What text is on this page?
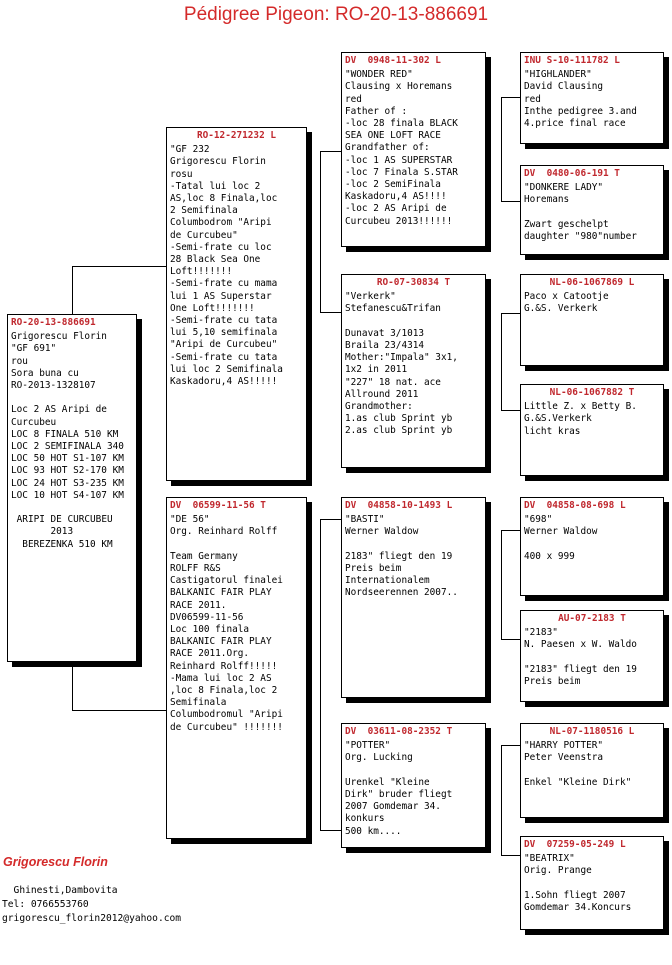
Pédigree Pigeon: RO-20-13-886691
RO-20-13-886691
Grigorescu Florin
"GF 691"
rou
Sora buna cu
RO-2013-1328107

Loc 2 AS Aripi de
Curcubeu
LOC 8 FINALA 510 KM
LOC 2 SEMIFINALA 340
LOC 50 HOT S1-107 KM
LOC 93 HOT S2-170 KM
LOC 24 HOT S3-235 KM
LOC 10 HOT S4-107 KM

ARIPI DE CURCUBEU
2013
BEREZENKA 510 KM
RO-12-271232 L
"GF 232
Grigorescu Florin
rosu
-Tatal lui loc 2
AS,loc 8 Finala,loc
2 Semifinala
Columbodrom "Aripi
de Curcubeu"
-Semi-frate cu loc
28 Black Sea One
Loft!!!!!!!
-Semi-frate cu mama
lui 1 AS Superstar
One Loft!!!!!!!
-Semi-frate cu tata
lui 5,10 semifinala
"Aripi de Curcubeu"
-Semi-frate cu tata
lui loc 2 Semifinala
Kaskadoru,4 AS!!!!!
DV  06599-11-56 T
"DE 56"
Org. Reinhard Rolff

Team Germany
ROLFF R&S
Castigatorul finalei
BALKANIC FAIR PLAY
RACE 2011.
DV06599-11-56
Loc 100 finala
BALKANIC FAIR PLAY
RACE 2011.Org.
Reinhard Rolff!!!!!
-Mama lui loc 2 AS
,loc 8 Finala,loc 2
Semifinala
Columbodromul "Aripi
de Curcubeu" !!!!!!!
DV  0948-11-302 L
"WONDER RED"
Clausing x Horemans
red
Father of :
-loc 28 finala BLACK
SEA ONE LOFT RACE
Grandfather of:
-loc 1 AS SUPERSTAR
-loc 7 Finala S.STAR
-loc 2 SemiFinala
Kaskadoru,4 AS!!!!
-loc 2 AS Aripi de
Curcubeu 2013!!!!!!
RO-07-30834 T
"Verkerk"
Stefanescu&Trifan

Dunavat 3/1013
Braila 23/4314
Mother:"Impala" 3x1,
1x2 in 2011
"227" 18 nat. ace
Allround 2011
Grandmother:
1.as club Sprint yb
2.as club Sprint yb
DV  04858-10-1493 L
"BASTI"
Werner Waldow

2183" fliegt den 19
Preis beim
Internationalem
Nordseerennen 2007..
DV  03611-08-2352 T
"POTTER"
Org. Lucking

Urenkel "Kleine
Dirk" bruder fliegt
2007 Gomdemar 34.
konkurs
500 km....
INU S-10-111782 L
"HIGHLANDER"
David Clausing
red
Inthe pedigree 3.and
4.price final race
DV  0480-06-191 T
"DONKERE LADY"
Horemans

Zwart geschelpt
daughter "980"number
NL-06-1067869 L
Paco x Catootje
G.&S. Verkerk
NL-06-1067882 T
Little Z. x Betty B.
G.&S.Verkerk
licht kras
DV  04858-08-698 L
"698"
Werner Waldow

400 x 999
AU-07-2183 T
"2183"
N. Paesen x W. Waldo

"2183" fliegt den 19
Preis beim
NL-07-1180516 L
"HARRY POTTER"
Peter Veenstra

Enkel "Kleine Dirk"
DV  07259-05-249 L
"BEATRIX"
Orig. Prange

1.Sohn fliegt 2007
Gomdemar 34.Koncurs
Grigorescu Florin
Ghinesti,Dambovita
Tel: 0766553760
grigorescu_florin2012@yahoo.com
